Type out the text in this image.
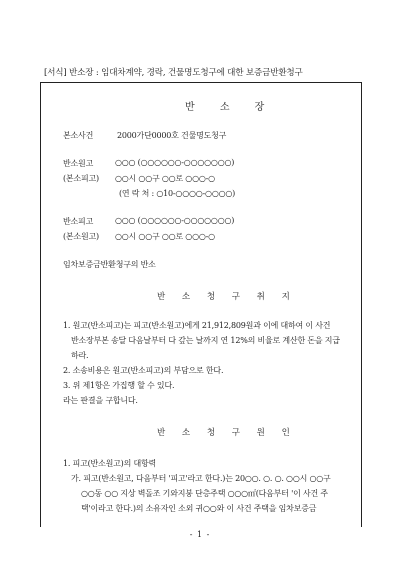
[서식] 반소장 : 임대차계약, 경락, 건물명도청구에 대한 보증금반환청구
반 소 장
본소사건	2000가단0000호 건물명도청구
반소원고	○○○ (○○○○○○-○○○○○○○)
(본소피고) ○○시 ○○구 ○○로 ○○○-○
(연 락 처 : ○10-○○○○-○○○○)
반소피고	○○○ (○○○○○○-○○○○○○○)
(본소원고) ○○시 ○○구 ○○로 ○○○-○
임차보증금반환청구의 반소
반 소 청 구 취 지
1. 원고(반소피고)는 피고(반소원고)에게 21,912,809원과 이에 대하여 이 사건
반소장부본 송달 다음날부터 다 갚는 날까지 연 12%의 비율로 계산한 돈을 지급
하라.
2. 소송비용은 원고(반소피고)의 부담으로 한다.
3. 위 제1항은 가집행 할 수 있다.
라는 판결을 구합니다.
반 소 청 구 원 인
1. 피고(반소원고)의 대항력
가. 피고(반소원고, 다음부터 '피고'라고 한다.)는 20○○. ○. ○. ○○시 ○○구
○○동 ○○ 지상 벽돌조 기와지붕 단층주택 ○○○㎡(다음부터 '이 사건 주
택'이라고 한다.)의 소유자인 소외 귀○○와 이 사건 주택을 임차보증금
- 1 -
